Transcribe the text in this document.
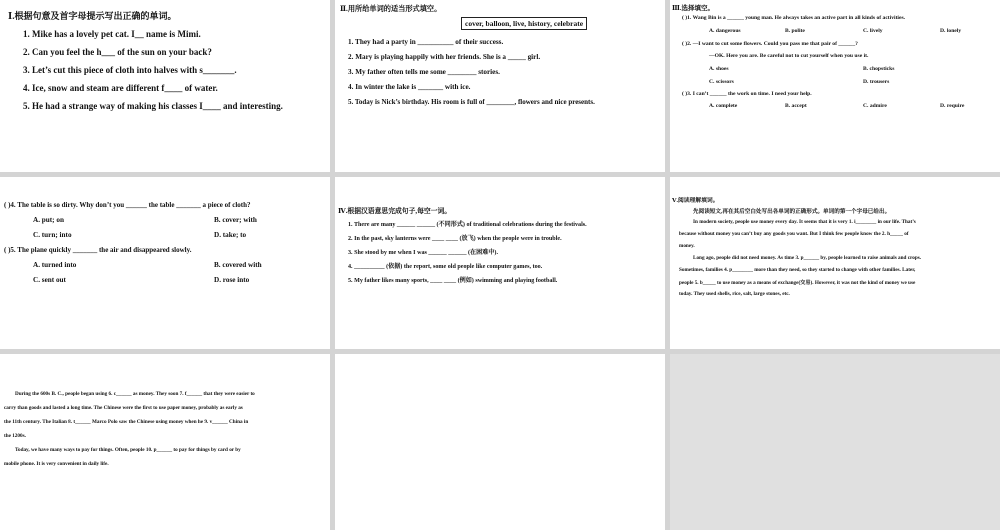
Ⅰ.根据句意及首字母提示写出正确的单词。
1. Mike has a lovely pet cat. I__ name is Mimi.
2. Can you feel the h___ of the sun on your back?
3. Let’s cut this piece of cloth into halves with s_______.
4. Ice, snow and steam are different f____ of water.
5. He had a strange way of making his classes I____ and interesting.
Ⅱ.用所给单词的适当形式填空。
cover, balloon, live, history, celebrate
1. They had a party in __________ of their success.
2. Mary is playing happily with her friends. She is a _____ girl.
3. My father often tells me some ________ stories.
4. In winter the lake is _______ with ice.
5. Today is Nick’s birthday. His room is full of ________, flowers and nice presents.
Ⅲ.选择填空。
( )1. Wang Bin is a ______ young man. He always takes an active part in all kinds of activities.
A. dangerous	B. polite	C. lively	D. lonely
( )2. —I want to cut some flowers. Could you pass me that pair of ______?
—OK. Here you are. Be careful not to cut yourself when you use it.
A. shoes	B. chopsticks
C. scissors	D. trousers
( )3. I can’t ______ the work on time. I need your help.
A. complete	B. accept	C. admire	D. require
( )4. The table is so dirty. Why don’t you ______ the table _______ a piece of cloth?
A. put; on	B. cover; with
C. turn; into	D. take; to
( )5. The plane quickly _______ the air and disappeared slowly.
A. turned into	B. covered with
C. sent out	D. rose into
Ⅳ.根据汉语意思完成句子,每空一词。
1. There are many ______ ______ (不同形式) of traditional celebrations during the festivals.
2. In the past, sky lanterns were ____ ____ (放飞) when the people were in trouble.
3. She stood by me when I was ______ ______ (在困难中).
4. __________ (依据) the report, some old people like computer games, too.
5. My father likes many sports, ____ ____ (例如) swimming and playing football.
Ⅴ.阅读理解填词。
先阅读短文,再在其后空白处写出各单词的正确形式。单词的第一个字母已给出。
In modern society, people use money every day. It seems that it is very 1. i________ in our life. That’s
because without money you can’t buy any goods you want. But I think few people know the 2. h_____ of
money.
Long ago, people did not need money. As time 3. p______ by, people learned to raise animals and crops.
Sometimes, families 4. p________ more than they need, so they started to change with other families. Later,
people 5. b_____ to use money as a means of exchange(交易). However, it was not the kind of money we use
today. They used shells, rice, salt, large stones, etc.
During the 600s B. C., people began using 6. c______ as money. They soon 7. f______ that they were easier to
carry than goods and lasted a long time. The Chinese were the first to use paper money, probably as early as
the 11th century. The Italian 8. t______ Marco Polo saw the Chinese using money when he 9. v______ China in
the 1200s.
Today, we have many ways to pay for things. Often, people 10. p______ to pay for things by card or by
mobile phone. It is very convenient in daily life.
